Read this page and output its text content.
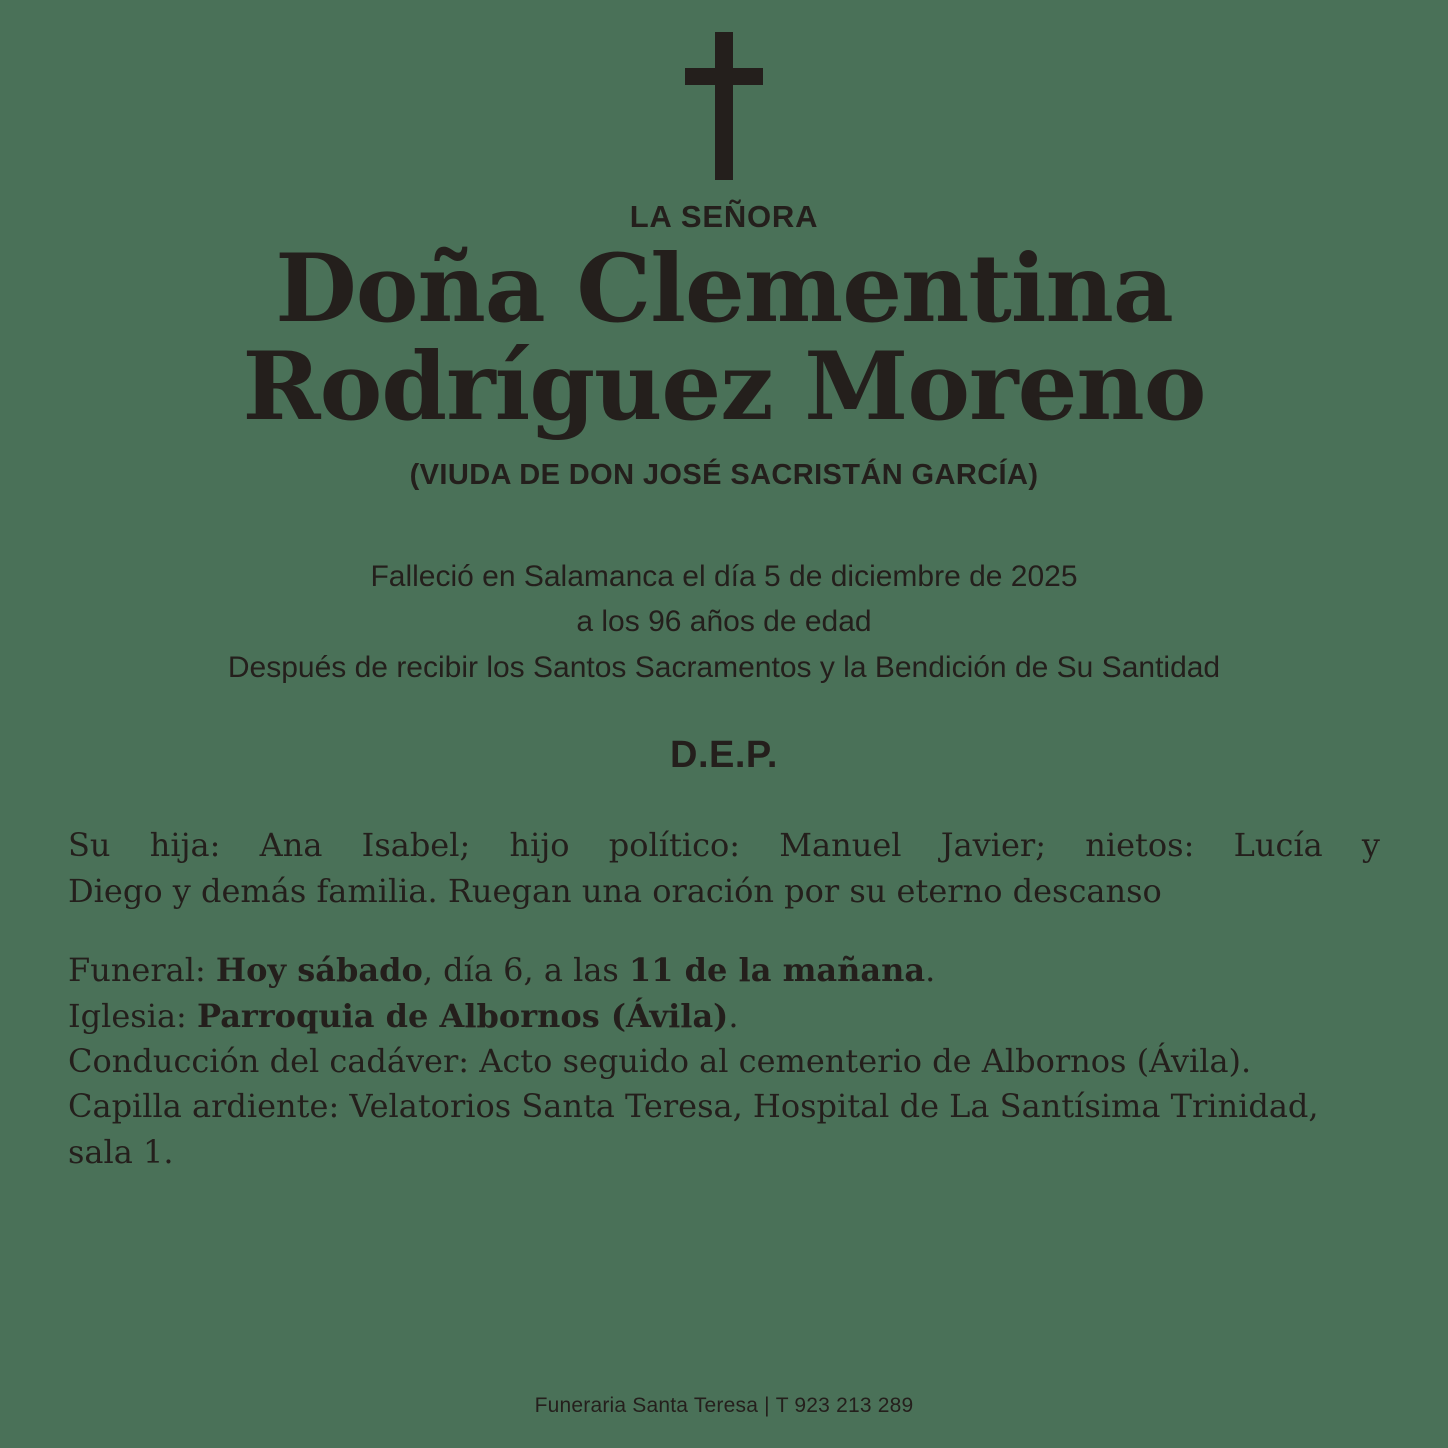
LA SEÑORA
Doña Clementina
Rodríguez Moreno
(VIUDA DE DON JOSÉ SACRISTÁN GARCÍA)
Falleció en Salamanca el día 5 de diciembre de 2025
a los 96 años de edad
Después de recibir los Santos Sacramentos y la Bendición de Su Santidad
D.E.P.
Su hija: Ana Isabel; hijo político: Manuel Javier; nietos: Lucía y
Diego y demás familia. Ruegan una oración por su eterno descanso
Funeral: Hoy sábado, día 6, a las 11 de la mañana.
Iglesia: Parroquia de Albornos (Ávila).
Conducción del cadáver: Acto seguido al cementerio de Albornos (Ávila).
Capilla ardiente: Velatorios Santa Teresa, Hospital de La Santísima Trinidad, sala 1.
Funeraria Santa Teresa | T 923 213 289
